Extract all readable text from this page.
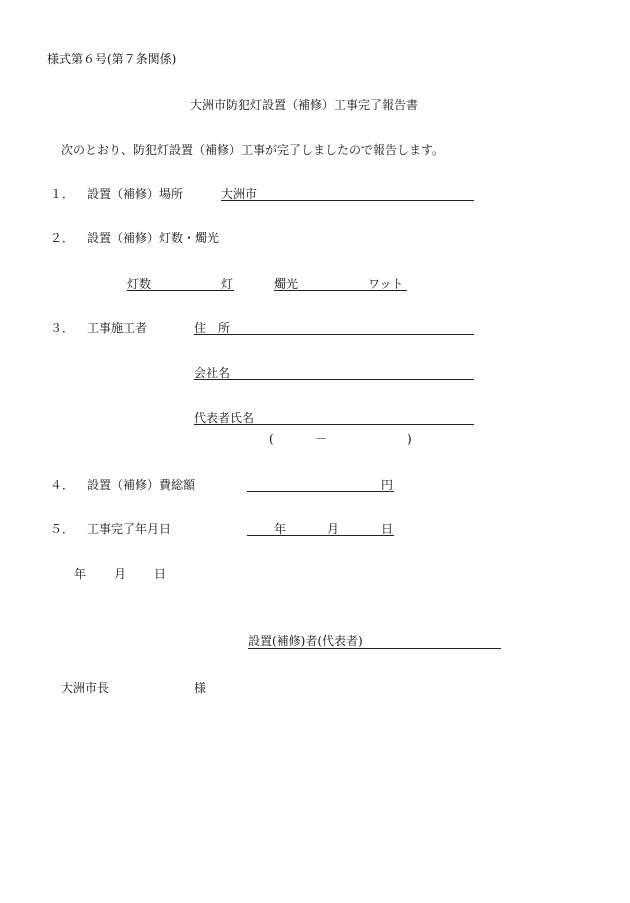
様式第６号(第７条関係)
大洲市防犯灯設置（補修）工事完了報告書
次のとおり、防犯灯設置（補修）工事が完了しましたので報告します。
１． 設置（補修）場所	大洲市
２． 設置（補修）灯数・燭光
灯数	灯	燭光	ワット
３． 工事施工者	住　所
会社名
代表者氏名
(	－	)
４． 設置（補修）費総額	円
５． 工事完了年月日	年	月	日
年 月 日
設置(補修)者(代表者)
大洲市長	様
